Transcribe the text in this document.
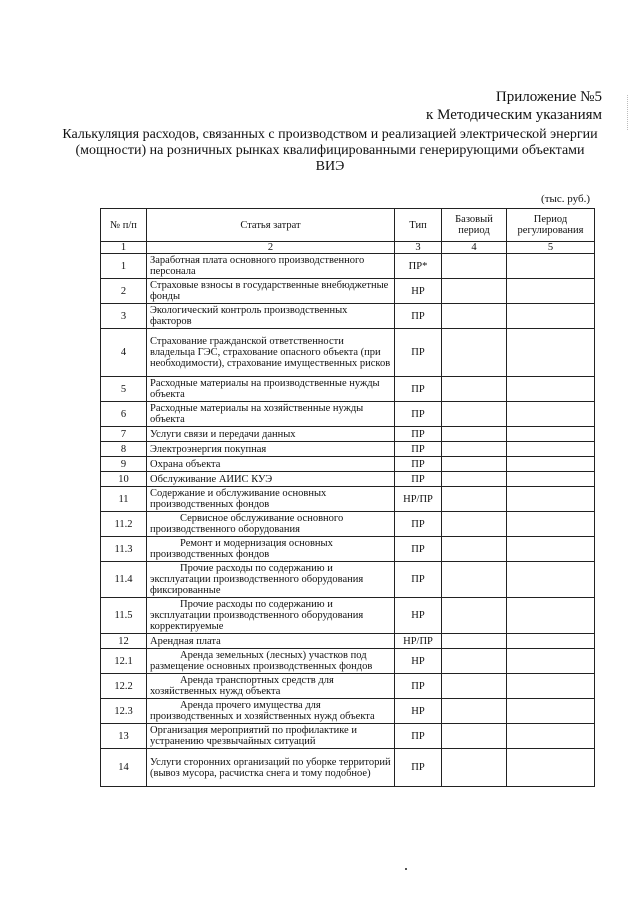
Приложение №5
к Методическим указаниям
Калькуляция расходов, связанных с производством и реализацией электрической энергии (мощности) на розничных рынках квалифицированными генерирующими объектами ВИЭ
(тыс. руб.)
№ п/п	Статья затрат	Тип	Базовый период	Период регулирования
1	2	3	4	5
1	Заработная плата основного производственного персонала	ПР*		
2	Страховые взносы в государственные внебюджетные фонды	НР		
3	Экологический контроль производственных факторов	ПР		
4	Страхование гражданской ответственности владельца ГЭС, страхование опасного объекта (при необходимости), страхование имущественных рисков	ПР		
5	Расходные материалы на производственные нужды объекта	ПР		
6	Расходные материалы на хозяйственные нужды объекта	ПР		
7	Услуги связи и передачи данных	ПР		
8	Электроэнергия покупная	ПР		
9	Охрана объекта	ПР		
10	Обслуживание АИИС КУЭ	ПР		
11	Содержание и обслуживание основных производственных фондов	НР/ПР		
11.2	Сервисное обслуживание основного производственного оборудования	ПР		
11.3	Ремонт и модернизация основных производственных фондов	ПР		
11.4	Прочие расходы по содержанию и эксплуатации производственного оборудования фиксированные	ПР		
11.5	Прочие расходы по содержанию и эксплуатации производственного оборудования корректируемые	НР		
12	Арендная плата	НР/ПР		
12.1	Аренда земельных (лесных) участков под размещение основных производственных фондов	НР		
12.2	Аренда транспортных средств для хозяйственных нужд объекта	ПР		
12.3	Аренда прочего имущества для производственных и хозяйственных нужд объекта	НР		
13	Организация мероприятий по профилактике и устранению чрезвычайных ситуаций	ПР		
14	Услуги сторонних организаций по уборке территорий (вывоз мусора, расчистка снега и тому подобное)	ПР		
